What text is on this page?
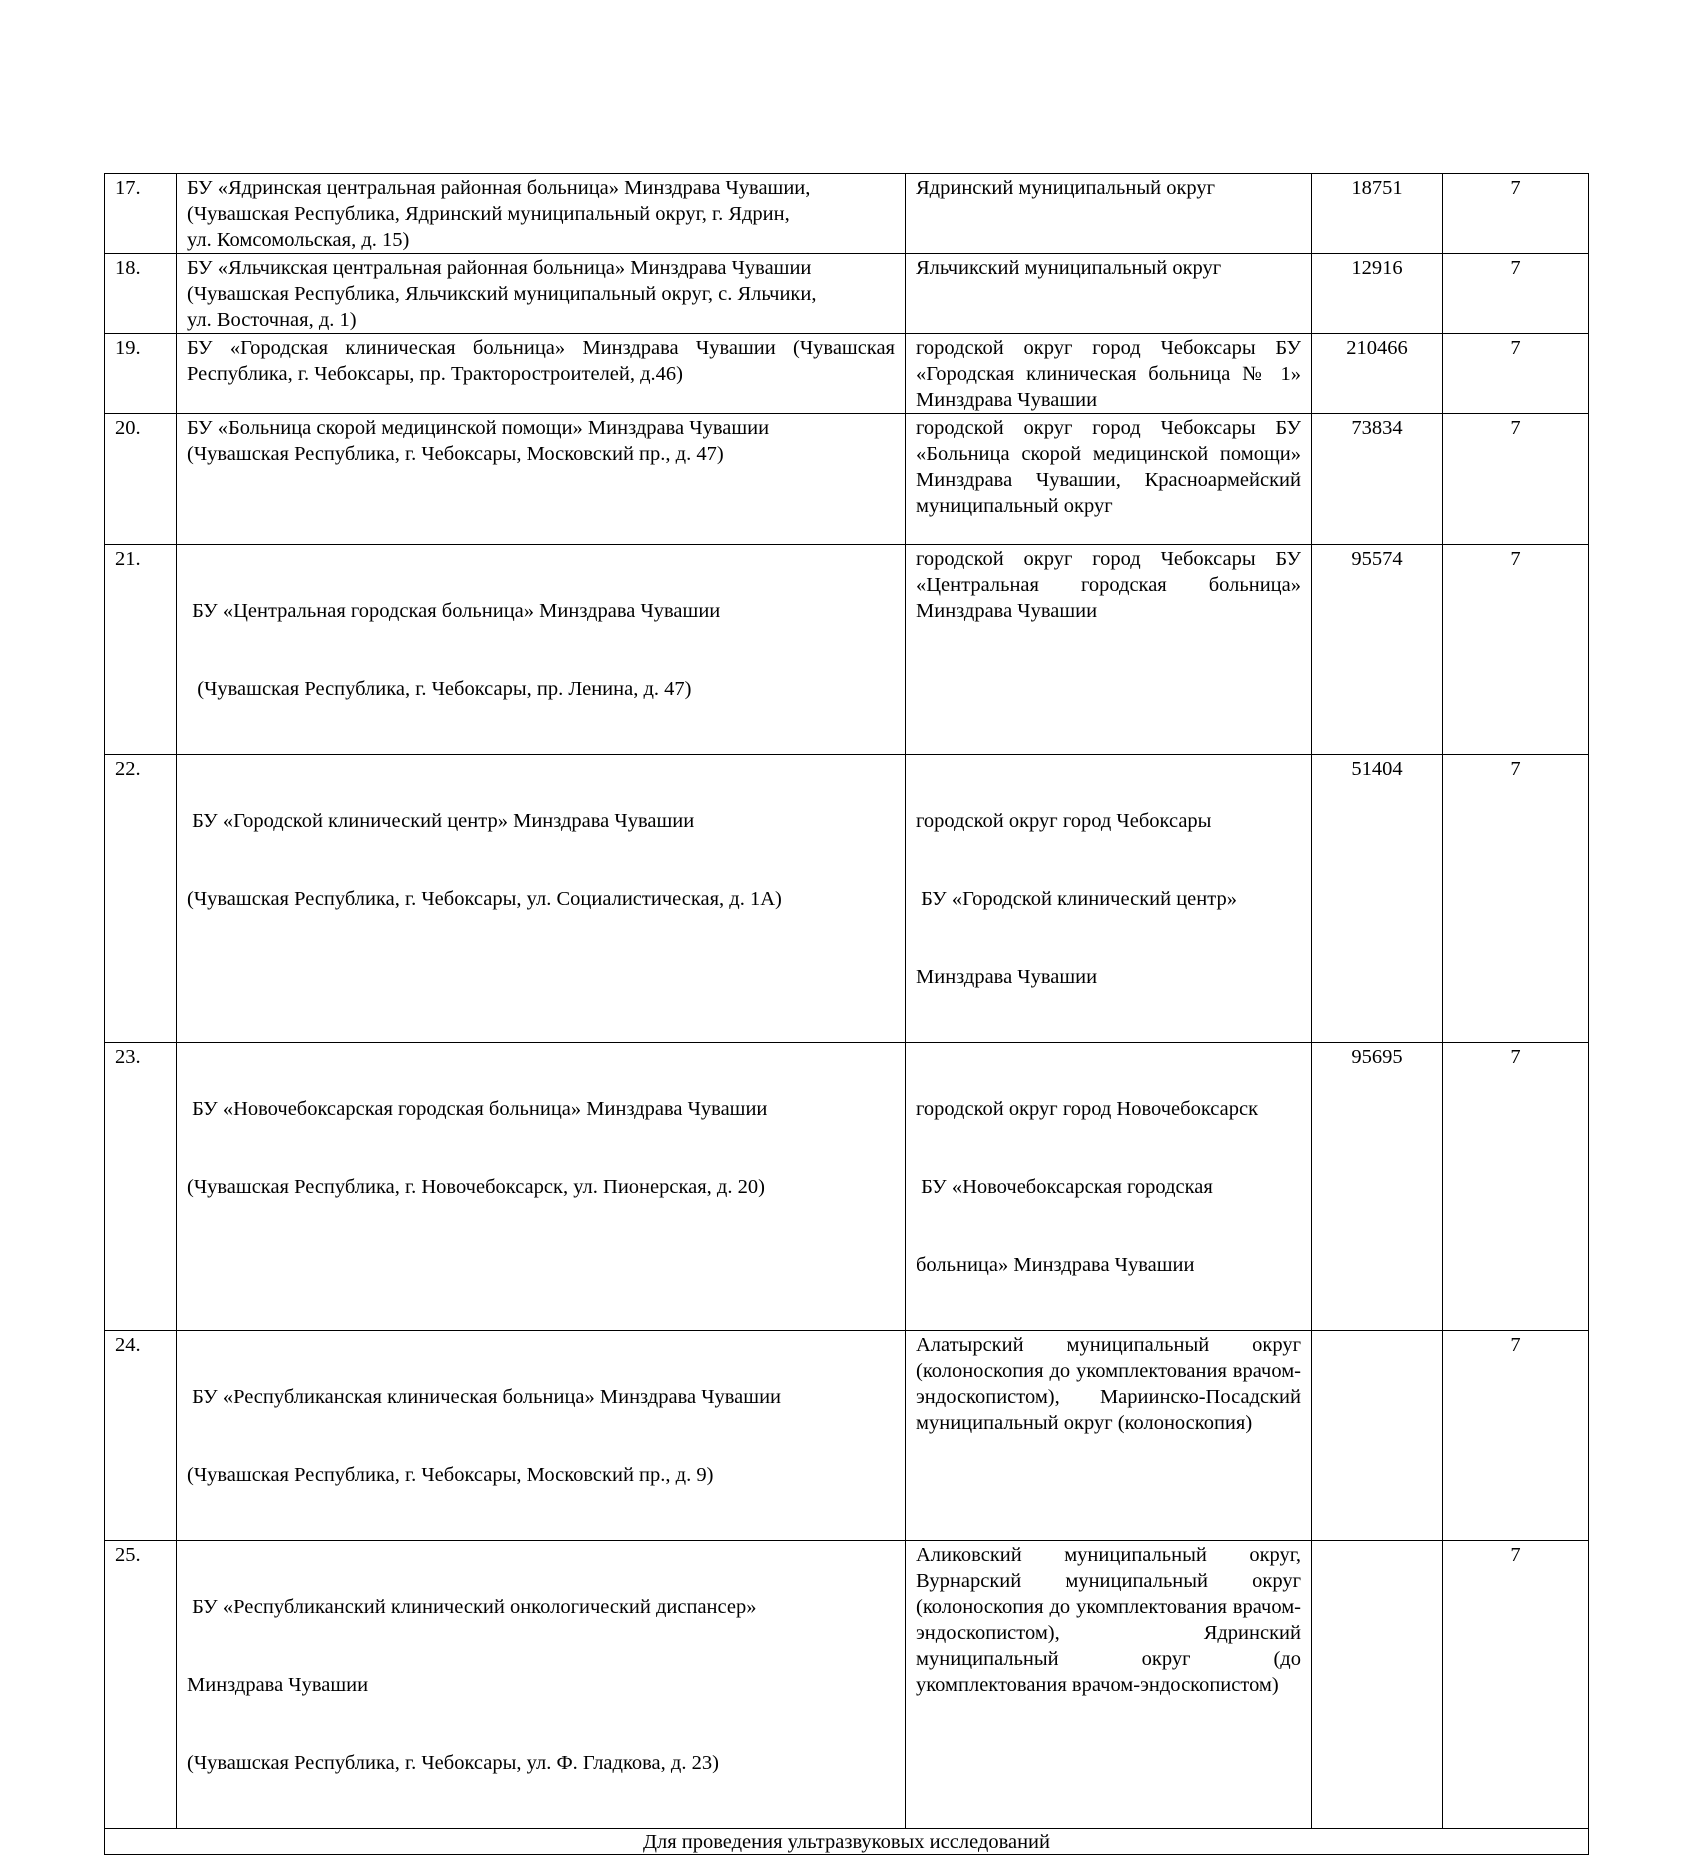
17.	БУ «Ядринская центральная районная больница» Минздрава Чувашии,
(Чувашская Республика, Ядринский муниципальный округ, г. Ядрин,
ул. Комсомольская, д. 15)	Ядринский муниципальный округ	18751	7
18.	БУ «Яльчикская центральная районная больница» Минздрава Чувашии
(Чувашская Республика, Яльчикский муниципальный округ, с. Яльчики,
ул. Восточная, д. 1)	Яльчикский муниципальный округ	12916	7
19.	БУ «Городская клиническая больница» Минздрава Чувашии (Чувашская Республика, г. Чебоксары, пр. Тракторостроителей, д.46)	городской округ город Чебоксары БУ «Городская клиническая больница № 1» Минздрава Чувашии	210466	7
20.	БУ «Больница скорой медицинской помощи» Минздрава Чувашии
(Чувашская Республика, г. Чебоксары, Московский пр., д. 47)	городской округ город Чебоксары БУ «Больница скорой медицинской помощи» Минздрава Чувашии, Красноармейский муниципальный округ	73834	7
21.	БУ «Центральная городская больница» Минздрава Чувашии

(Чувашская Республика, г. Чебоксары, пр. Ленина, д. 47)	городской округ город Чебоксары БУ «Центральная городская больница» Минздрава Чувашии	95574	7
22.	БУ «Городской клинический центр» Минздрава Чувашии

(Чувашская Республика, г. Чебоксары, ул. Социалистическая, д. 1А)	городской округ город Чебоксары

БУ «Городской клинический центр»

Минздрава Чувашии	51404	7
23.	БУ «Новочебоксарская городская больница» Минздрава Чувашии

(Чувашская Республика, г. Новочебоксарск, ул. Пионерская, д. 20)	городской округ город Новочебоксарск

БУ «Новочебоксарская городская

больница» Минздрава Чувашии	95695	7
24.	БУ «Республиканская клиническая больница» Минздрава Чувашии

(Чувашская Республика, г. Чебоксары, Московский пр., д. 9)	Алатырский муниципальный округ (колоноскопия до укомплектования врачом-эндоскопистом), Мариинско-Посадский муниципальный округ (колоноскопия)		7
25.	БУ «Республиканский клинический онкологический диспансер»

Минздрава Чувашии

(Чувашская Республика, г. Чебоксары, ул. Ф. Гладкова, д. 23)	Аликовский муниципальный округ, Вурнарский муниципальный округ (колоноскопия до укомплектования врачом-эндоскопистом), Ядринский муниципальный округ (до укомплектования врачом-эндоскопистом)		7
Для проведения ультразвуковых исследований				
